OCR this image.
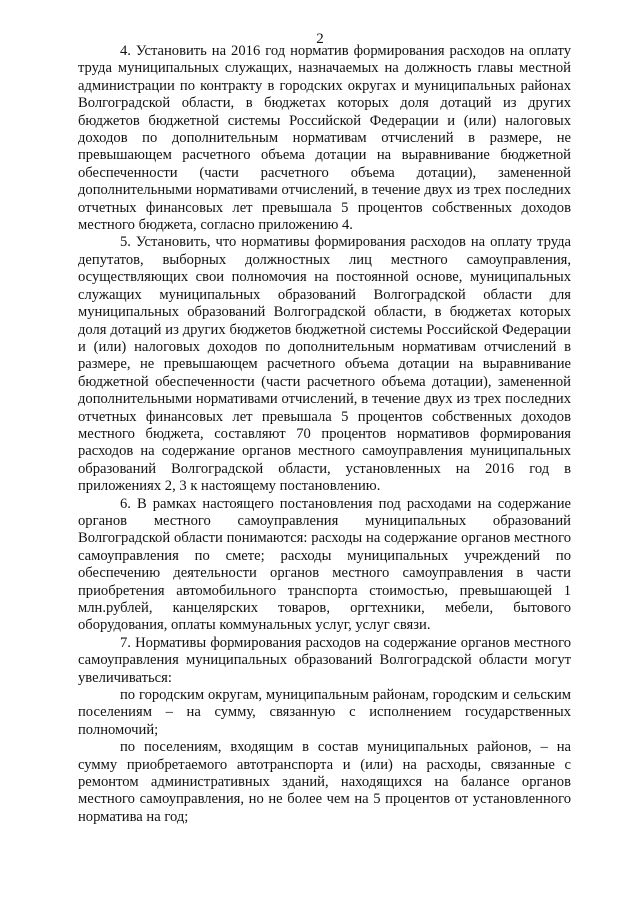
2

4. Установить на 2016 год норматив формирования расходов на оплату труда муниципальных служащих, назначаемых на должность главы местной администрации по контракту в городских округах и муниципальных районах Волгоградской области, в бюджетах которых доля дотаций из других бюджетов бюджетной системы Российской Федерации и (или) налоговых доходов по дополнительным нормативам отчислений в размере, не превышающем расчетного объема дотации на выравнивание бюджетной обеспеченности (части расчетного объема дотации), замененной дополнительными нормативами отчислений, в течение двух из трех последних отчетных финансовых лет превышала 5 процентов собственных доходов местного бюджета, согласно приложению 4.

5. Установить, что нормативы формирования расходов на оплату труда депутатов, выборных должностных лиц местного самоуправления, осуществляющих свои полномочия на постоянной основе, муниципальных служащих муниципальных образований Волгоградской области для муниципальных образований Волгоградской области, в бюджетах которых доля дотаций из других бюджетов бюджетной системы Российской Федерации и (или) налоговых доходов по дополнительным нормативам отчислений в размере, не превышающем расчетного объема дотации на выравнивание бюджетной обеспеченности (части расчетного объема дотации), замененной дополнительными нормативами отчислений, в течение двух из трех последних отчетных финансовых лет превышала 5 процентов собственных доходов местного бюджета, составляют 70 процентов нормативов формирования расходов на содержание органов местного самоуправления муниципальных образований Волгоградской области, установленных на 2016 год в приложениях 2, 3 к настоящему постановлению.

6. В рамках настоящего постановления под расходами на содержание органов местного самоуправления муниципальных образований Волгоградской области понимаются: расходы на содержание органов местного самоуправления по смете; расходы муниципальных учреждений по обеспечению деятельности органов местного самоуправления в части приобретения автомобильного транспорта стоимостью, превышающей 1 млн.рублей, канцелярских товаров, оргтехники, мебели, бытового оборудования, оплаты коммунальных услуг, услуг связи.

7. Нормативы формирования расходов на содержание органов местного самоуправления муниципальных образований Волгоградской области могут увеличиваться:

по городским округам, муниципальным районам, городским и сельским поселениям – на сумму, связанную с исполнением государственных полномочий;

по поселениям, входящим в состав муниципальных районов, – на сумму приобретаемого автотранспорта и (или) на расходы, связанные с ремонтом административных зданий, находящихся на балансе органов местного самоуправления, но не более чем на 5 процентов от установленного норматива на год;
